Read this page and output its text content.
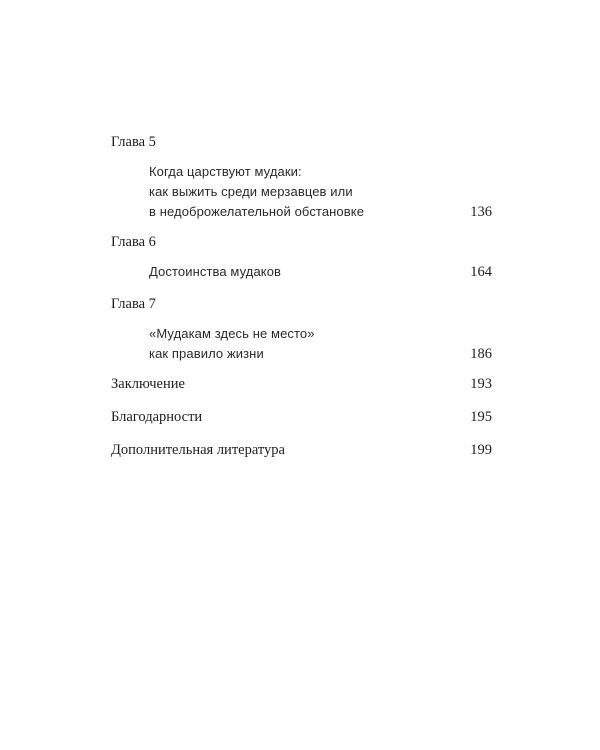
Глава 5
Когда царствуют мудаки:
как выжить среди мерзавцев или
в недоброжелательной обстановке	136
Глава 6
Достоинства мудаков	164
Глава 7
«Мудакам здесь не место»
как правило жизни	186
Заключение	193
Благодарности	195
Дополнительная литература	199
